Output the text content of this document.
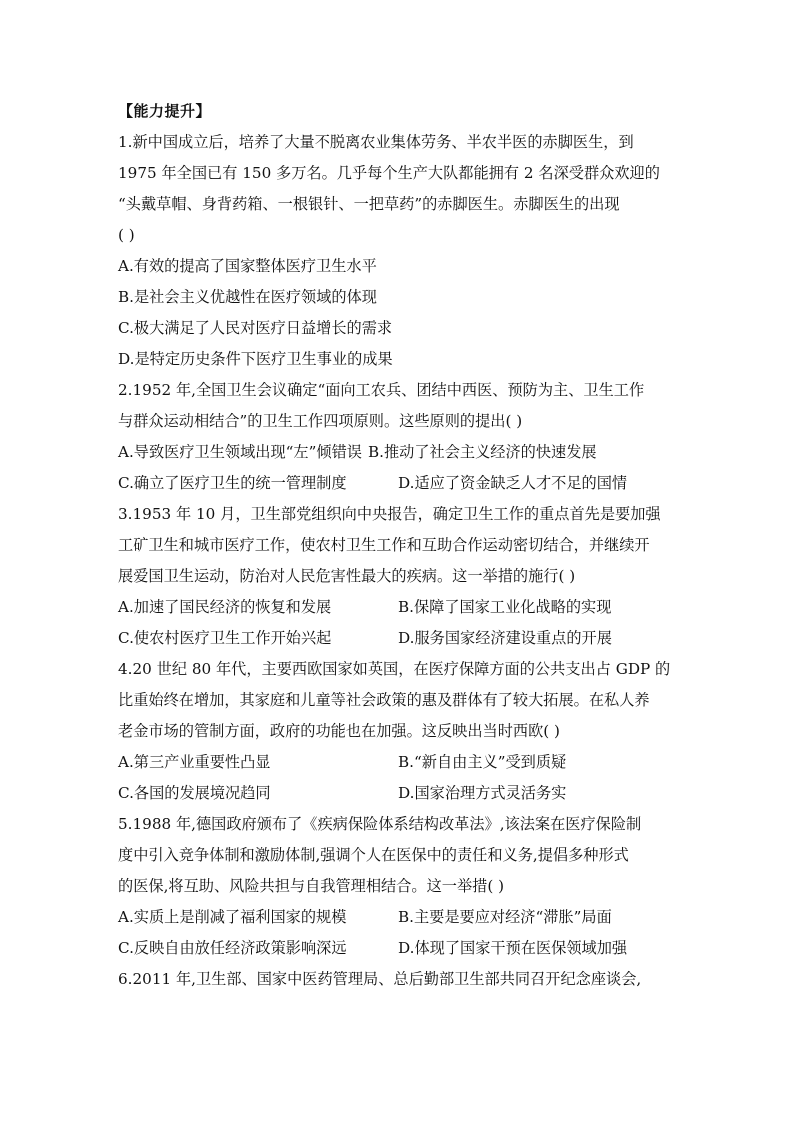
【能力提升】
1.新中国成立后，培养了大量不脱离农业集体劳务、半农半医的赤脚医生，到
1975 年全国已有 150 多万名。几乎每个生产大队都能拥有 2 名深受群众欢迎的
“头戴草帽、身背药箱、一根银针、一把草药”的赤脚医生。赤脚医生的出现
( )
A.有效的提高了国家整体医疗卫生水平
B.是社会主义优越性在医疗领域的体现
C.极大满足了人民对医疗日益增长的需求
D.是特定历史条件下医疗卫生事业的成果
2.1952 年,全国卫生会议确定“面向工农兵、团结中西医、预防为主、卫生工作
与群众运动相结合”的卫生工作四项原则。这些原则的提出( )
A.导致医疗卫生领域出现“左”倾错误 B.推动了社会主义经济的快速发展
C.确立了医疗卫生的统一管理制度	D.适应了资金缺乏人才不足的国情
3.1953 年 10 月，卫生部党组织向中央报告，确定卫生工作的重点首先是要加强
工矿卫生和城市医疗工作，使农村卫生工作和互助合作运动密切结合，并继续开
展爱国卫生运动，防治对人民危害性最大的疾病。这一举措的施行( )
A.加速了国民经济的恢复和发展	B.保障了国家工业化战略的实现
C.使农村医疗卫生工作开始兴起	D.服务国家经济建设重点的开展
4.20 世纪 80 年代，主要西欧国家如英国，在医疗保障方面的公共支出占 GDP 的
比重始终在增加，其家庭和儿童等社会政策的惠及群体有了较大拓展。在私人养
老金市场的管制方面，政府的功能也在加强。这反映出当时西欧( )
A.第三产业重要性凸显	B.“新自由主义”受到质疑
C.各国的发展境况趋同	D.国家治理方式灵活务实
5.1988 年,德国政府颁布了《疾病保险体系结构改革法》,该法案在医疗保险制
度中引入竞争体制和激励体制,强调个人在医保中的责任和义务,提倡多种形式
的医保,将互助、风险共担与自我管理相结合。这一举措( )
A.实质上是削减了福利国家的规模	B.主要是要应对经济“滞胀”局面
C.反映自由放任经济政策影响深远	D.体现了国家干预在医保领域加强
6.2011 年,卫生部、国家中医药管理局、总后勤部卫生部共同召开纪念座谈会,
